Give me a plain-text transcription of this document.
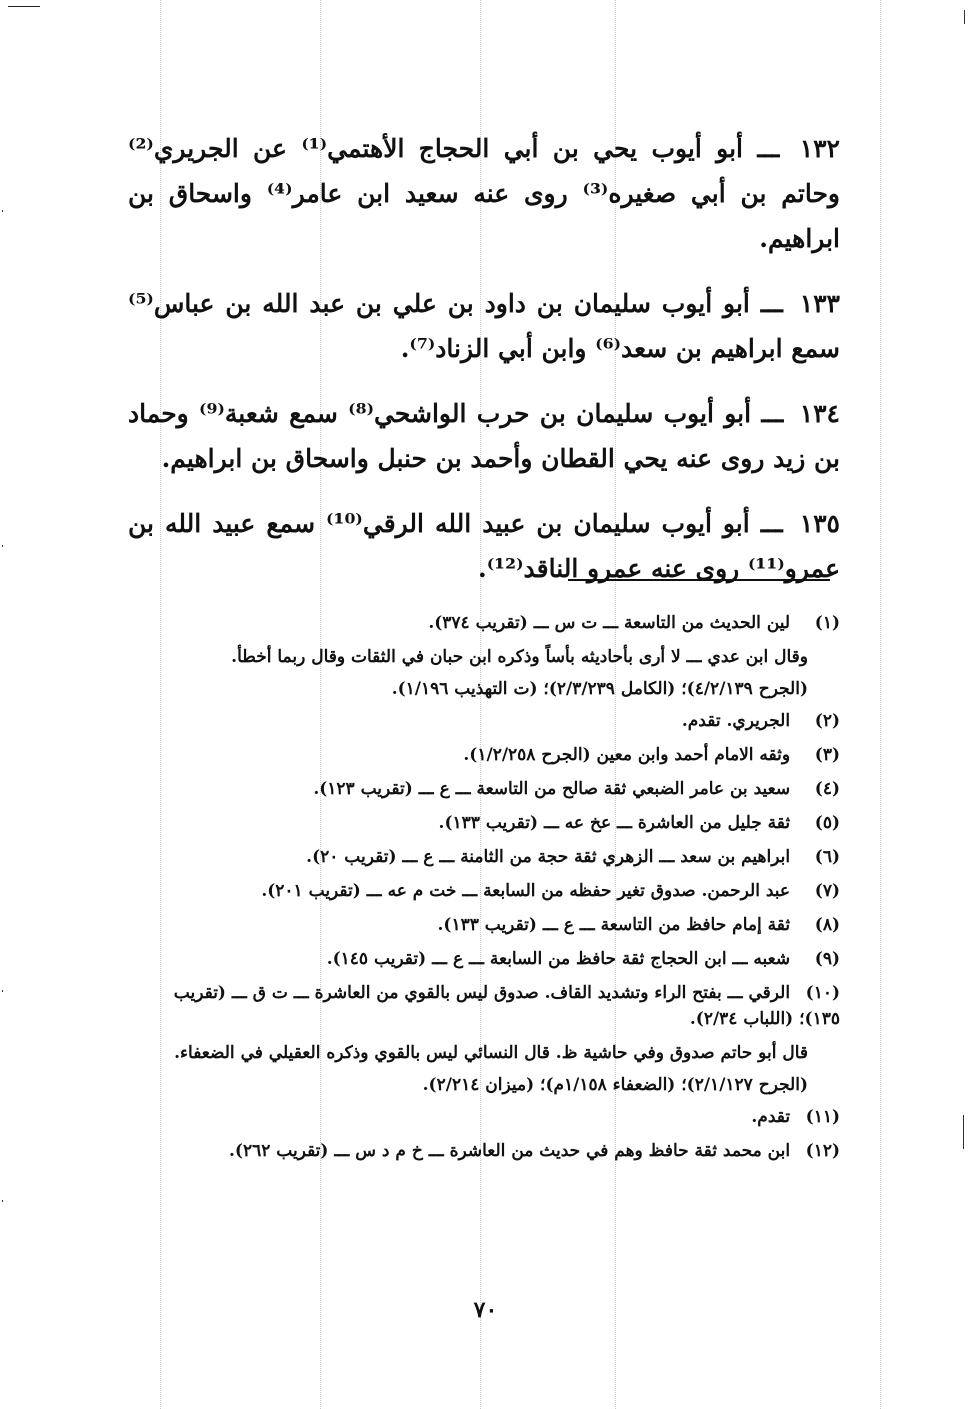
١٣٢ ـــ أبو أيوب يحي بن أبي الحجاج الأهتمي⁽¹⁾ عن الجريري⁽²⁾ وحاتم بن أبي صغيره⁽³⁾ روى عنه سعيد ابن عامر⁽⁴⁾ واسحاق بن ابراهيم.

١٣٣ ـــ أبو أيوب سليمان بن داود بن علي بن عبد الله بن عباس⁽⁵⁾ سمع ابراهيم بن سعد⁽⁶⁾ وابن أبي الزناد⁽⁷⁾.

١٣٤ ـــ أبو أيوب سليمان بن حرب الواشحي⁽⁸⁾ سمع شعبة⁽⁹⁾ وحماد بن زيد روى عنه يحي القطان وأحمد بن حنبل واسحاق بن ابراهيم.

١٣٥ ـــ أبو أيوب سليمان بن عبيد الله الرقي⁽¹⁰⁾ سمع عبيد الله بن عمرو⁽¹¹⁾ روى عنه عمرو الناقد⁽¹²⁾.

(١) لين الحديث من التاسعة ـــ ت س ـــ (تقريب ٣٧٤).

وقال ابن عدي ـــ لا أرى بأحاديثه بأساً وذكره ابن حبان في الثقات وقال ربما أخطأ.

(الجرح ٤/٢/١٣٩)؛ (الكامل ٢/٣/٢٣٩)؛ (ت التهذيب ١/١٩٦).

(٢) الجريري. تقدم.

(٣) وثقه الامام أحمد وابن معين (الجرح ١/٢/٢٥٨).

(٤) سعيد بن عامر الضبعي ثقة صالح من التاسعة ـــ ع ـــ (تقريب ١٢٣).

(٥) ثقة جليل من العاشرة ـــ عخ عه ـــ (تقريب ١٣٣).

(٦) ابراهيم بن سعد ـــ الزهري ثقة حجة من الثامنة ـــ ع ـــ (تقريب ٢٠).

(٧) عبد الرحمن. صدوق تغير حفظه من السابعة ـــ خت م عه ـــ (تقريب ٢٠١).

(٨) ثقة إمام حافظ من التاسعة ـــ ع ـــ (تقريب ١٣٣).

(٩) شعبه ـــ ابن الحجاج ثقة حافظ من السابعة ـــ ع ـــ (تقريب ١٤٥).

(١٠) الرقي ـــ بفتح الراء وتشديد القاف. صدوق ليس بالقوي من العاشرة ـــ ت ق ـــ (تقريب ١٣٥)؛ (اللباب ٢/٣٤).

قال أبو حاتم صدوق وفي حاشية ظ. قال النسائي ليس بالقوي وذكره العقيلي في الضعفاء.

(الجرح ٢/١/١٢٧)؛ (الضعفاء ١/١٥٨م)؛ (ميزان ٢/٢١٤).

(١١) تقدم.

(١٢) ابن محمد ثقة حافظ وهم في حديث من العاشرة ـــ خ م د س ـــ (تقريب ٢٦٢).

٧٠
